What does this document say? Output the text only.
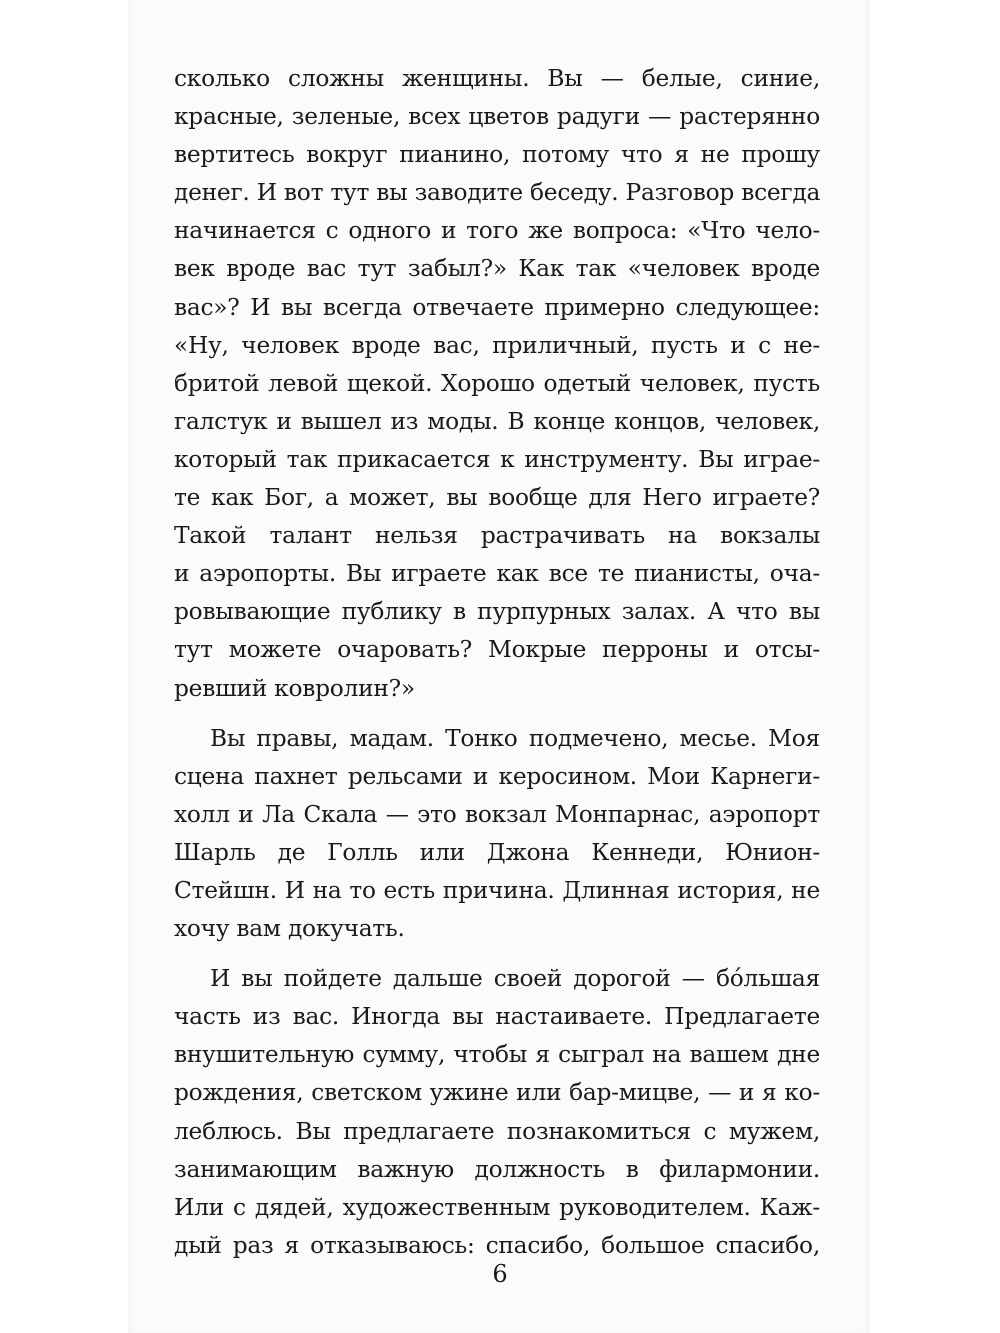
сколько сложны женщины. Вы — белые, синие,
красные, зеленые, всех цветов радуги — растерянно
вертитесь вокруг пианино, потому что я не прошу
денег. И вот тут вы заводите беседу. Разговор всегда
начинается с одного и того же вопроса: «Что чело-
век вроде вас тут забыл?» Как так «человек вроде
вас»? И вы всегда отвечаете примерно следующее:
«Ну, человек вроде вас, приличный, пусть и с не-
бритой левой щекой. Хорошо одетый человек, пусть
галстук и вышел из моды. В конце концов, человек,
который так прикасается к инструменту. Вы играе-
те как Бог, а может, вы вообще для Него играете?
Такой талант нельзя растрачивать на вокзалы
и аэропорты. Вы играете как все те пианисты, оча-
ровывающие публику в пурпурных залах. А что вы
тут можете очаровать? Мокрые перроны и отсы-
ревший ковролин?»
Вы правы, мадам. Тонко подмечено, месье. Моя
сцена пахнет рельсами и керосином. Мои Карнеги-
холл и Ла Скала — это вокзал Монпарнас, аэропорт
Шарль де Голль или Джона Кеннеди, Юнион-
Стейшн. И на то есть причина. Длинная история, не
хочу вам докучать.
И вы пойдете дальше своей дорогой — бóльшая
часть из вас. Иногда вы настаиваете. Предлагаете
внушительную сумму, чтобы я сыграл на вашем дне
рождения, светском ужине или бар-мицве, — и я ко-
леблюсь. Вы предлагаете познакомиться с мужем,
занимающим важную должность в филармонии.
Или с дядей, художественным руководителем. Каж-
дый раз я отказываюсь: спасибо, большое спасибо,
6
